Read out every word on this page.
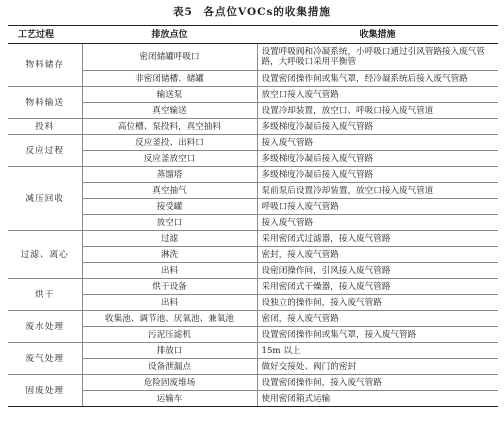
表5 各点位VOCs的收集措施
工艺过程	排放点位	收集措施
物料储存	密闭储罐呼吸口	设置呼吸阀和冷凝系统，小呼吸口通过引风管路接入废气管路，大呼吸口采用平衡管
	非密闭储槽、储罐	设置密闭操作间或集气罩，经冷凝系统后接入废气管路
物料输送	输送泵	放空口接入废气管路
	真空输送	设置冷却装置，放空口、呼吸口接入废气管道
投料	高位槽、泵投料，真空抽料	多级梯度冷凝后接入废气管路
反应过程	反应釜投、出料口	接入废气管路
	反应釜放空口	多级梯度冷凝后接入废气管路
减压回收	蒸馏塔	多级梯度冷凝后接入废气管路
	真空抽气	泵前泵后设置冷却装置，放空口接入废气管道
	接受罐	呼吸口接入废气管路
	放空口	接入废气管路
过滤、离心	过滤	采用密闭式过滤器，接入废气管路
	淋洗	密封，接入废气管路
	出料	设密闭操作间，引风接入废气管路
烘干	烘干设备	采用密闭式干燥器，接入废气管路
	出料	设独立的操作间，接入废气管路
废水处理	收集池、调节池、厌氧池、兼氧池	密闭，接入废气管路
	污泥压滤机	设置密闭操作间或集气罩，接入废气管路
废气处理	排放口	15m 以上
	设备泄漏点	做好交接处、阀门的密封
固废处理	危险固废堆场	设置密闭操作间，接入废气管路
	运输车	使用密闭箱式运输
